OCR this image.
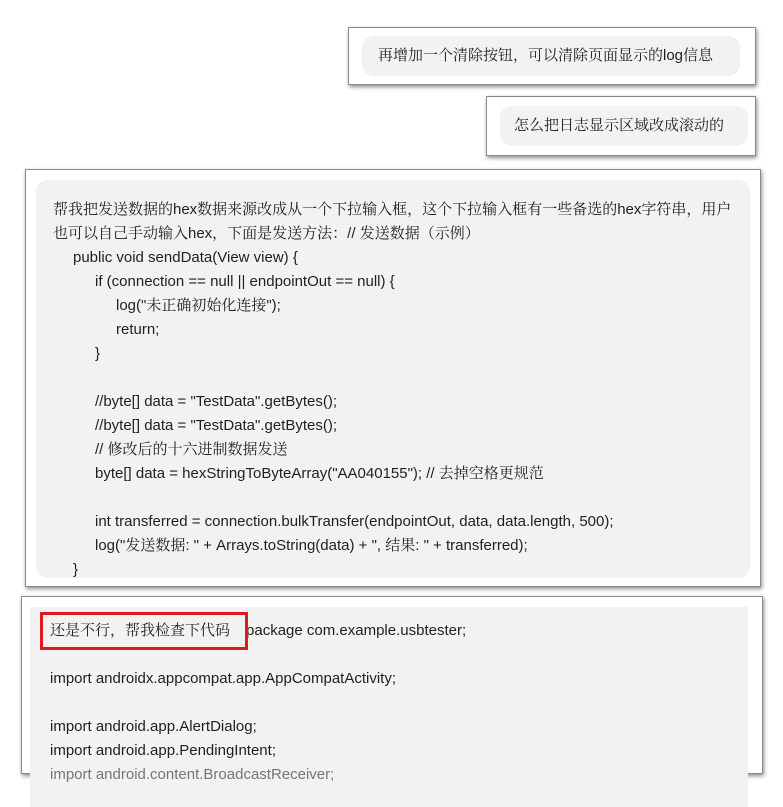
再增加一个清除按钮，可以清除页面显示的log信息
怎么把日志显示区域改成滚动的
帮我把发送数据的hex数据来源改成从一个下拉输入框，这个下拉输入框有一些备选的hex字符串，用户也可以自己手动输入hex，下面是发送方法：// 发送数据（示例）
public void sendData(View view) {
if (connection == null || endpointOut == null) {
log("未正确初始化连接");
return;
}
//byte[] data = "TestData".getBytes();
//byte[] data = "TestData".getBytes();
// 修改后的十六进制数据发送
byte[] data = hexStringToByteArray("AA040155"); // 去掉空格更规范
int transferred = connection.bulkTransfer(endpointOut, data, data.length, 500);
log("发送数据: " + Arrays.toString(data) + ", 结果: " + transferred);
}
还是不行，帮我检查下代码 package com.example.usbtester;
import androidx.appcompat.app.AppCompatActivity;
import android.app.AlertDialog;
import android.app.PendingIntent;
import android.content.BroadcastReceiver;
